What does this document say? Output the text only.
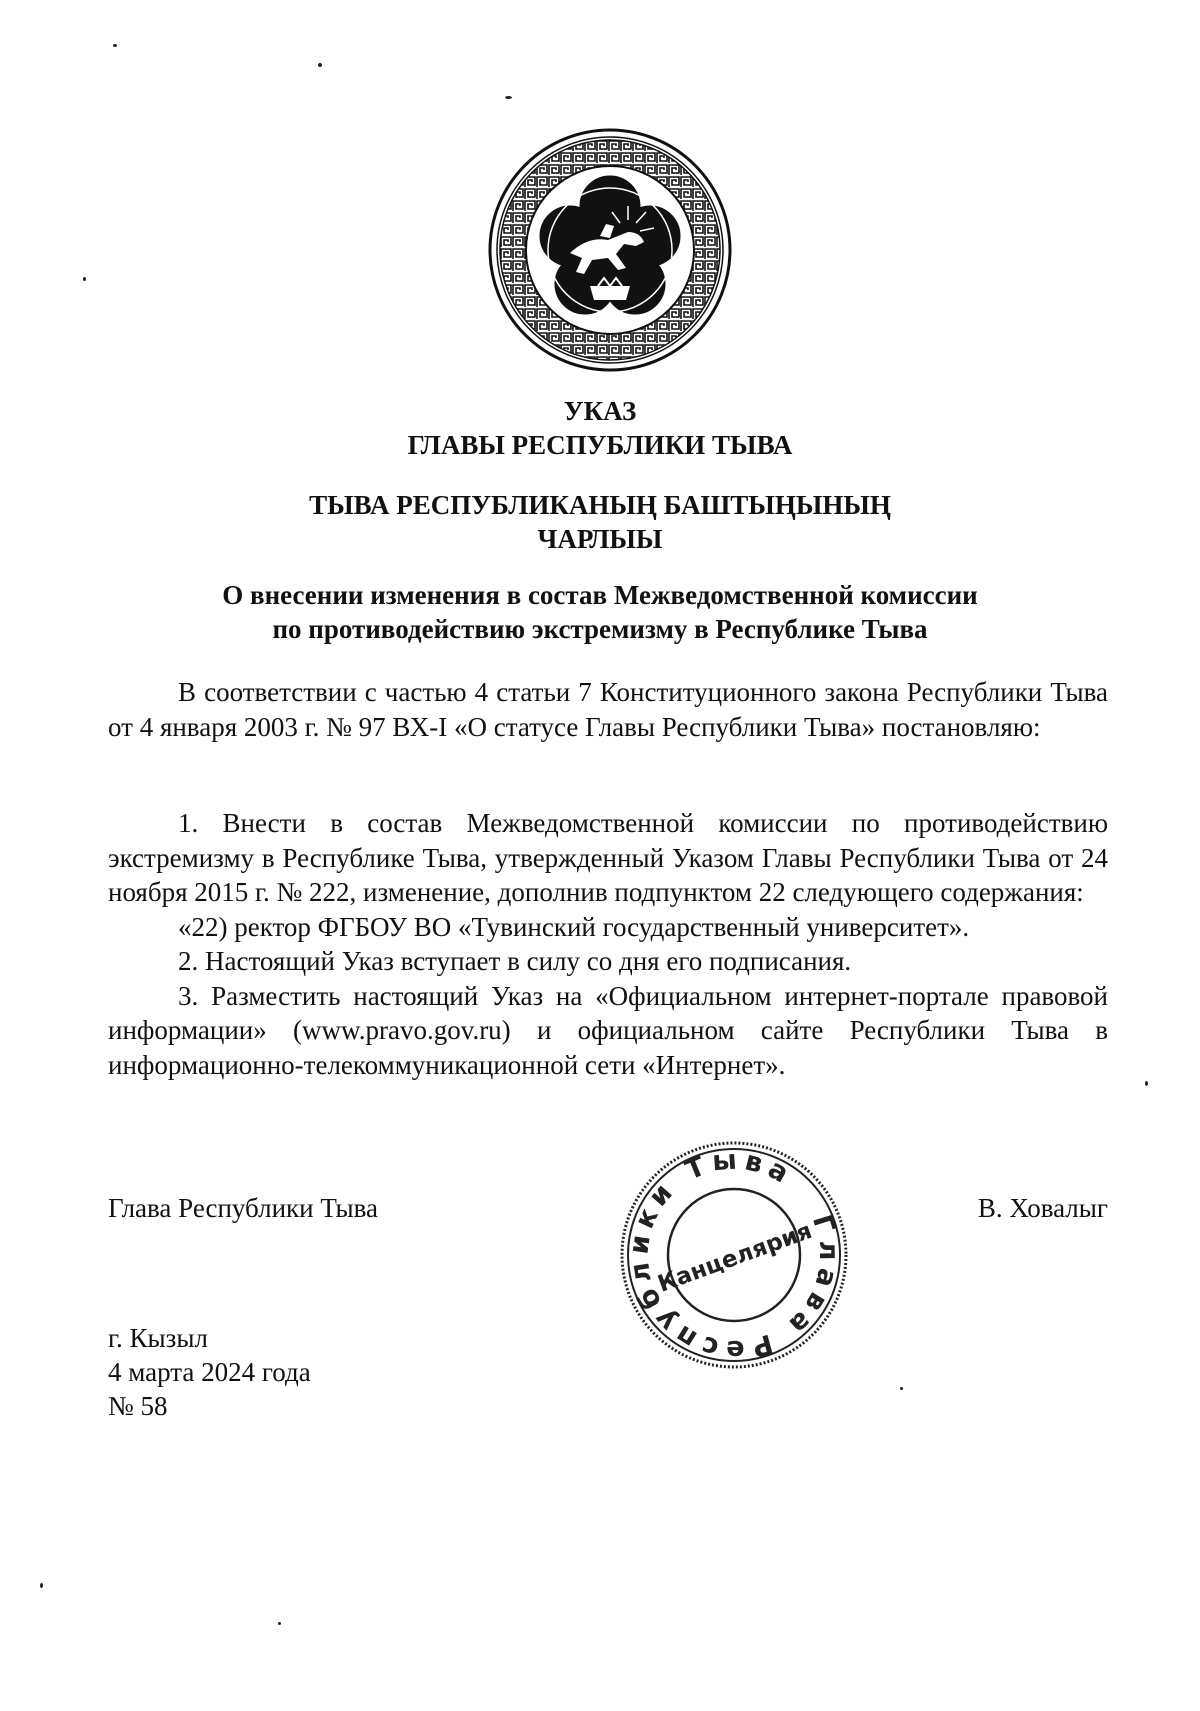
УКАЗ
ГЛАВЫ РЕСПУБЛИКИ ТЫВА
ТЫВА РЕСПУБЛИКАНЫҢ БАШТЫҢЫНЫҢ
ЧАРЛЫЫ
О внесении изменения в состав Межведомственной комиссии
по противодействию экстремизму в Республике Тыва

В соответствии с частью 4 статьи 7 Конституционного закона Республики Тыва от 4 января 2003 г. № 97 ВХ-I «О статусе Главы Республики Тыва» постановляю:

1. Внести в состав Межведомственной комиссии по противодействию экстремизму в Республике Тыва, утвержденный Указом Главы Республики Тыва от 24 ноября 2015 г. № 222, изменение, дополнив подпунктом 22 следующего содержания:

«22) ректор ФГБОУ ВО «Тувинский государственный университет».

2. Настоящий Указ вступает в силу со дня его подписания.

3. Разместить настоящий Указ на «Официальном интернет-портале правовой информации» (www.pravo.gov.ru) и официальном сайте Республики Тыва в информационно-телекоммуникационной сети «Интернет».

Глава Республики Тыва	В. Ховалыг
Глава Республики Тыва
Канцелярия
г. Кызыл
4 марта 2024 года
№ 58
